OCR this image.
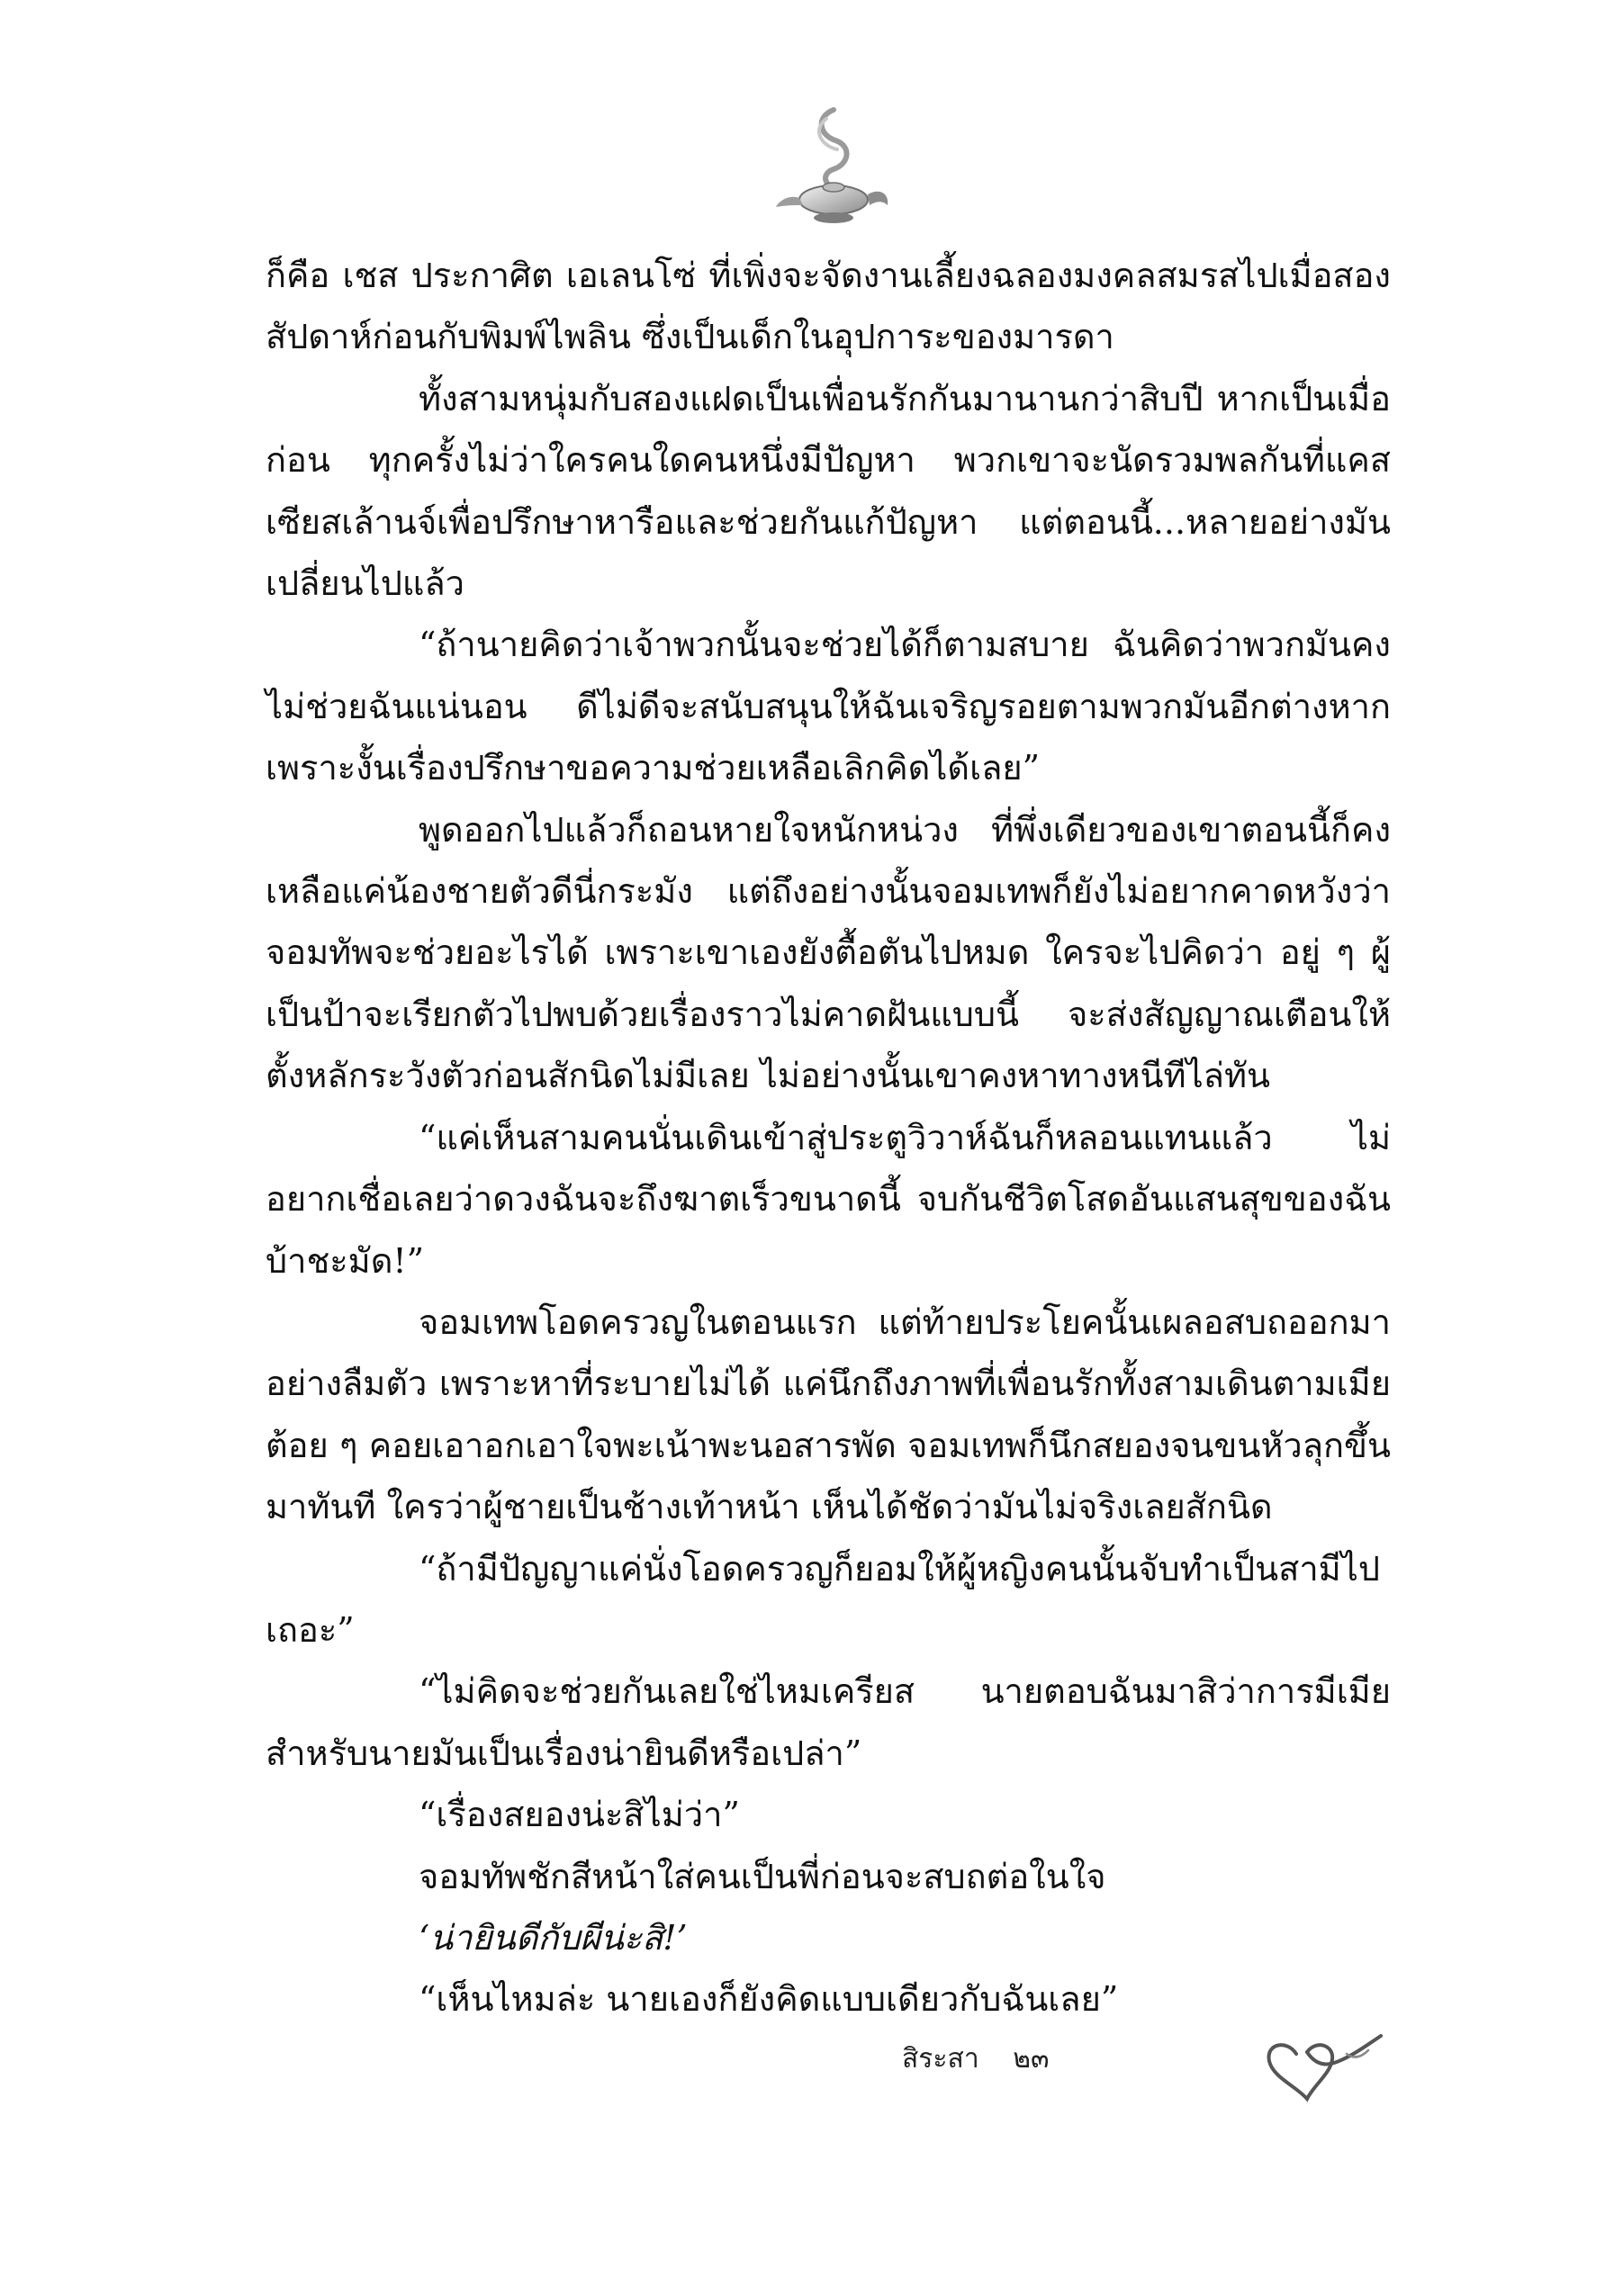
ก็คือ เชส ประกาศิต เอเลนโซ่ ที่เพิ่งจะจัดงานเลี้ยงฉลองมงคลสมรสไปเมื่อสองสัปดาห์ก่อนกับพิมพ์ไพลิน ซึ่งเป็นเด็กในอุปการะของมารดา

ทั้งสามหนุ่มกับสองแฝดเป็นเพื่อนรักกันมานานกว่าสิบปี หากเป็นเมื่อก่อน ทุกครั้งไม่ว่าใครคนใดคนหนึ่งมีปัญหา พวกเขาจะนัดรวมพลกันที่แคสเซียสเล้านจ์เพื่อปรึกษาหารือและช่วยกันแก้ปัญหา แต่ตอนนี้...หลายอย่างมันเปลี่ยนไปแล้ว

“ถ้านายคิดว่าเจ้าพวกนั้นจะช่วยได้ก็ตามสบาย ฉันคิดว่าพวกมันคงไม่ช่วยฉันแน่นอน ดีไม่ดีจะสนับสนุนให้ฉันเจริญรอยตามพวกมันอีกต่างหาก เพราะงั้นเรื่องปรึกษาขอความช่วยเหลือเลิกคิดได้เลย”

พูดออกไปแล้วก็ถอนหายใจหนักหน่วง ที่พึ่งเดียวของเขาตอนนี้ก็คงเหลือแค่น้องชายตัวดีนี่กระมัง แต่ถึงอย่างนั้นจอมเทพก็ยังไม่อยากคาดหวังว่าจอมทัพจะช่วยอะไรได้ เพราะเขาเองยังตื้อตันไปหมด ใครจะไปคิดว่า อยู่ ๆ ผู้เป็นป้าจะเรียกตัวไปพบด้วยเรื่องราวไม่คาดฝันแบบนี้ จะส่งสัญญาณเตือนให้ตั้งหลักระวังตัวก่อนสักนิดไม่มีเลย ไม่อย่างนั้นเขาคงหาทางหนีทีไล่ทัน

“แค่เห็นสามคนนั่นเดินเข้าสู่ประตูวิวาห์ฉันก็หลอนแทนแล้ว ไม่อยากเชื่อเลยว่าดวงฉันจะถึงฆาตเร็วขนาดนี้ จบกันชีวิตโสดอันแสนสุขของฉัน บ้าชะมัด!”

จอมเทพโอดครวญในตอนแรก แต่ท้ายประโยคนั้นเผลอสบถออกมาอย่างลืมตัว เพราะหาที่ระบายไม่ได้ แค่นึกถึงภาพที่เพื่อนรักทั้งสามเดินตามเมียต้อย ๆ คอยเอาอกเอาใจพะเน้าพะนอสารพัด จอมเทพก็นึกสยองจนขนหัวลุกขึ้นมาทันที ใครว่าผู้ชายเป็นช้างเท้าหน้า เห็นได้ชัดว่ามันไม่จริงเลยสักนิด

“ถ้ามีปัญญาแค่นั่งโอดครวญก็ยอมให้ผู้หญิงคนนั้นจับทำเป็นสามีไปเถอะ”

“ไม่คิดจะช่วยกันเลยใช่ไหมเครียส นายตอบฉันมาสิว่าการมีเมียสำหรับนายมันเป็นเรื่องน่ายินดีหรือเปล่า”

“เรื่องสยองน่ะสิไม่ว่า”

จอมทัพชักสีหน้าใส่คนเป็นพี่ก่อนจะสบถต่อในใจ

‘น่ายินดีกับผีน่ะสิ!’

“เห็นไหมล่ะ นายเองก็ยังคิดแบบเดียวกับฉันเลย”

สิระสา ๒๓
